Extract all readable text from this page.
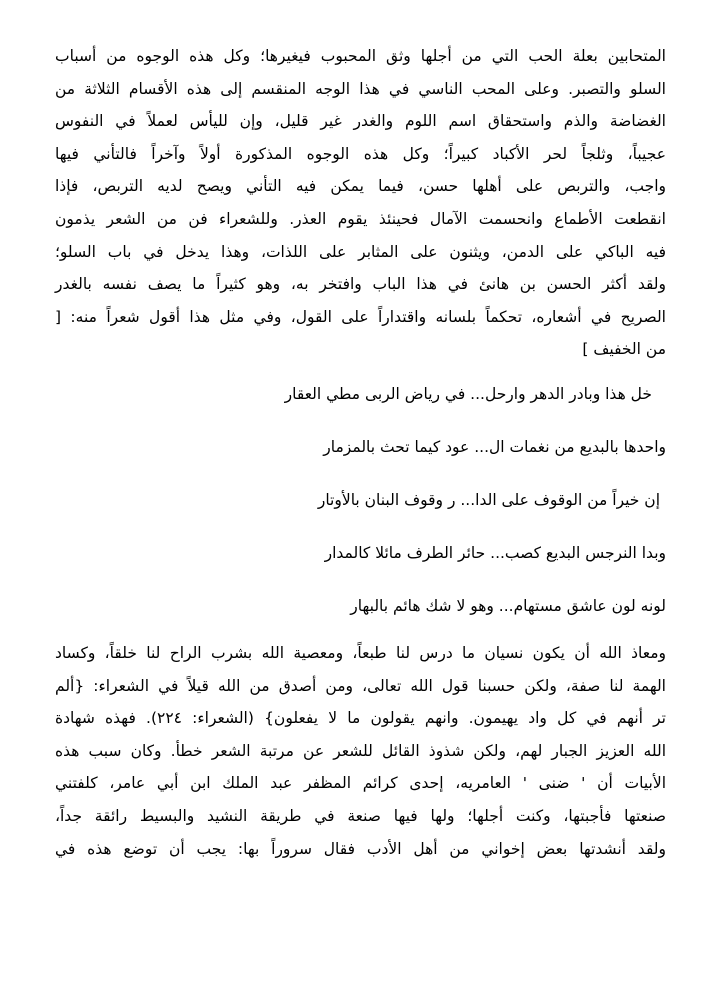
المتحابين بعلة الحب التي من أجلها وثق المحبوب فيغيرها؛ وكل هذه الوجوه من أسباب
السلو والتصبر. وعلى المحب الناسي في هذا الوجه المنقسم إلى هذه الأقسام الثلاثة من
الغضاضة والذم واستحقاق اسم اللوم والغدر غير قليل، وإن لليأس لعملاً في النفوس
عجيباً، وثلجاً لحر الأكباد كبيراً؛ وكل هذه الوجوه المذكورة أولاً وآخراً فالتأني فيها
واجب، والتربص على أهلها حسن، فيما يمكن فيه التأني ويصح لديه التربص، فإذا
انقطعت الأطماع وانحسمت الآمال فحينئذ يقوم العذر. وللشعراء فن من الشعر يذمون
فيه الباكي على الدمن، ويثنون على المثابر على اللذات، وهذا يدخل في باب السلو؛
ولقد أكثر الحسن بن هانئ في هذا الباب وافتخر به، وهو كثيراً ما يصف نفسه بالغدر
الصريح في أشعاره، تحكماً بلسانه واقتداراً على القول، وفي مثل هذا أقول شعراً منه: [
من الخفيف ]
خل هذا وبادر الدهر وارحل... في رياض الربى مطي العقار
واحدها بالبديع من نغمات ال... عود كيما تحث بالمزمار
إن خيراً من الوقوف على الدا... ر وقوف البنان بالأوتار
وبدا النرجس البديع كصب... حائر الطرف مائلا كالمدار
لونه لون عاشق مستهام... وهو لا شك هائم بالبهار
ومعاذ الله أن يكون نسيان ما درس لنا طبعاً، ومعصية الله بشرب الراح لنا خلقاً، وكساد
الهمة لنا صفة، ولكن حسبنا قول الله تعالى، ومن أصدق من الله قيلاً في الشعراء: {ألم
تر أنهم في كل واد يهيمون. وانهم يقولون ما لا يفعلون} (الشعراء: ٢٢٤). فهذه شهادة
الله العزيز الجبار لهم، ولكن شذوذ القائل للشعر عن مرتبة الشعر خطأ. وكان سبب هذه
الأبيات أن ' ضنى ' العامريه، إحدى كرائم المظفر عبد الملك ابن أبي عامر، كلفتني
صنعتها فأجبتها، وكنت أجلها؛ ولها فيها صنعة في طريقة النشيد والبسيط رائقة جداً،
ولقد أنشدتها بعض إخواني من أهل الأدب فقال سروراً بها: يجب أن توضع هذه في
